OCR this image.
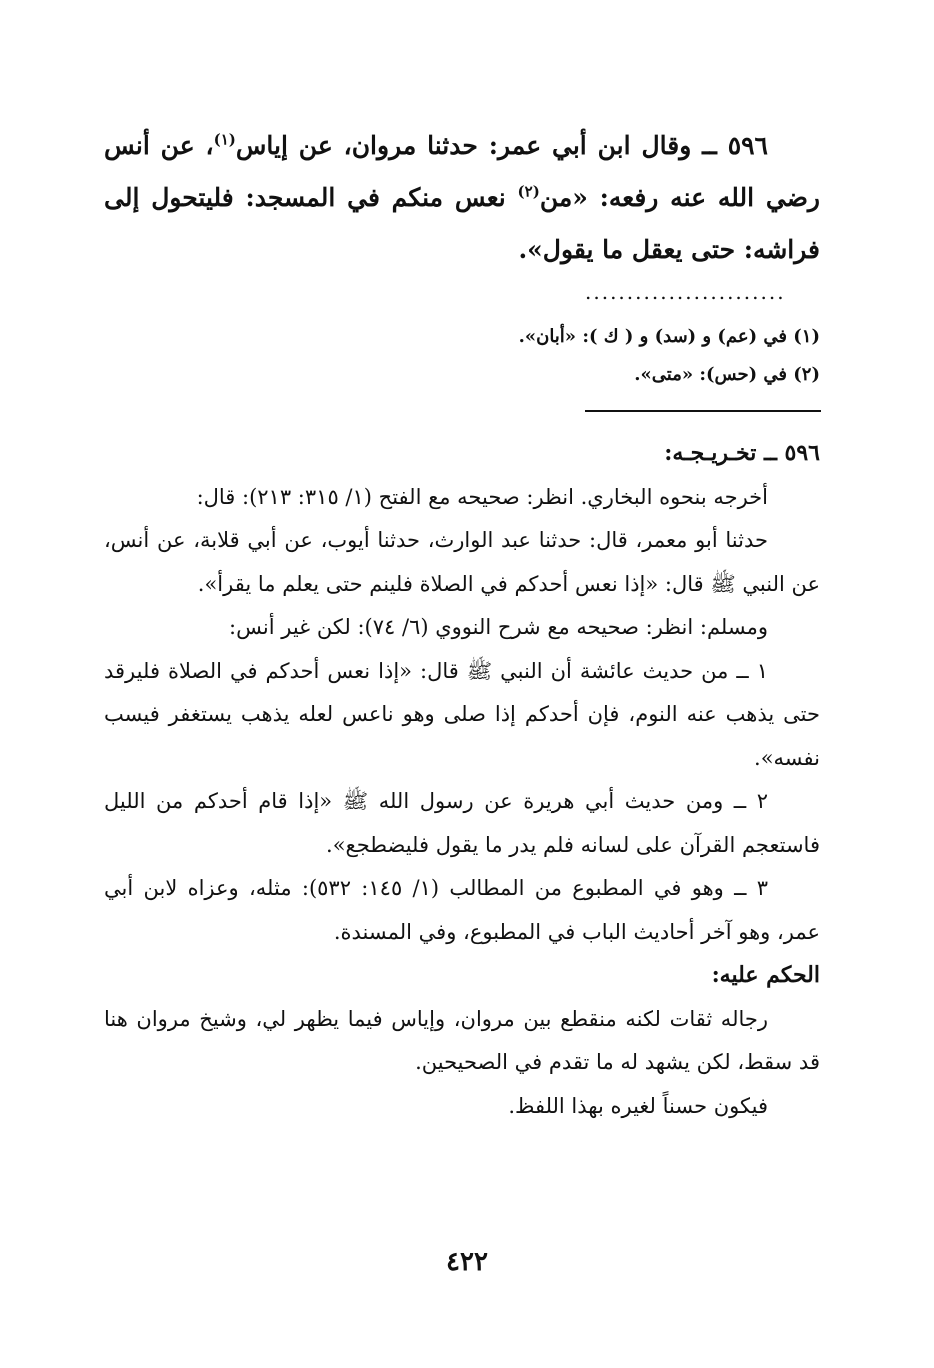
٥٩٦ ــ وقال ابن أبي عمر: حدثنا مروان، عن إياس$^{(١)}$، عن أنس رضي الله عنه رفعه: «من$^{(٢)}$ نعس منكم في المسجد: فليتحول إلى فراشه: حتى يعقل ما يقول».

........................

(١) في (عم) و (سد) و ( ك ): «أبان».

(٢) في (حس): «متى».

٥٩٦ ــ تخـريـجـه:

أخرجه بنحوه البخاري. انظر: صحيحه مع الفتح (١/ ٣١٥: ٢١٣): قال:

حدثنا أبو معمر، قال: حدثنا عبد الوارث، حدثنا أيوب، عن أبي قلابة، عن أنس، عن النبي ﷺ قال: «إذا نعس أحدكم في الصلاة فلينم حتى يعلم ما يقرأ».

ومسلم: انظر: صحيحه مع شرح النووي (٦/ ٧٤): لكن غير أنس:

١ ــ من حديث عائشة أن النبي ﷺ قال: «إذا نعس أحدكم في الصلاة فليرقد حتى يذهب عنه النوم، فإن أحدكم إذا صلى وهو ناعس لعله يذهب يستغفر فيسب نفسه».

٢ ــ ومن حديث أبي هريرة عن رسول الله ﷺ «إذا قام أحدكم من الليل فاستعجم القرآن على لسانه فلم يدر ما يقول فليضطجع».

٣ ــ وهو في المطبوع من المطالب (١/ ١٤٥: ٥٣٢): مثله، وعزاه لابن أبي عمر، وهو آخر أحاديث الباب في المطبوع، وفي المسندة.

الحكم عليه:

رجاله ثقات لكنه منقطع بين مروان، وإياس فيما يظهر لي، وشيخ مروان هنا قد سقط، لكن يشهد له ما تقدم في الصحيحين.

فيكون حسناً لغيره بهذا اللفظ.

٤٢٢
